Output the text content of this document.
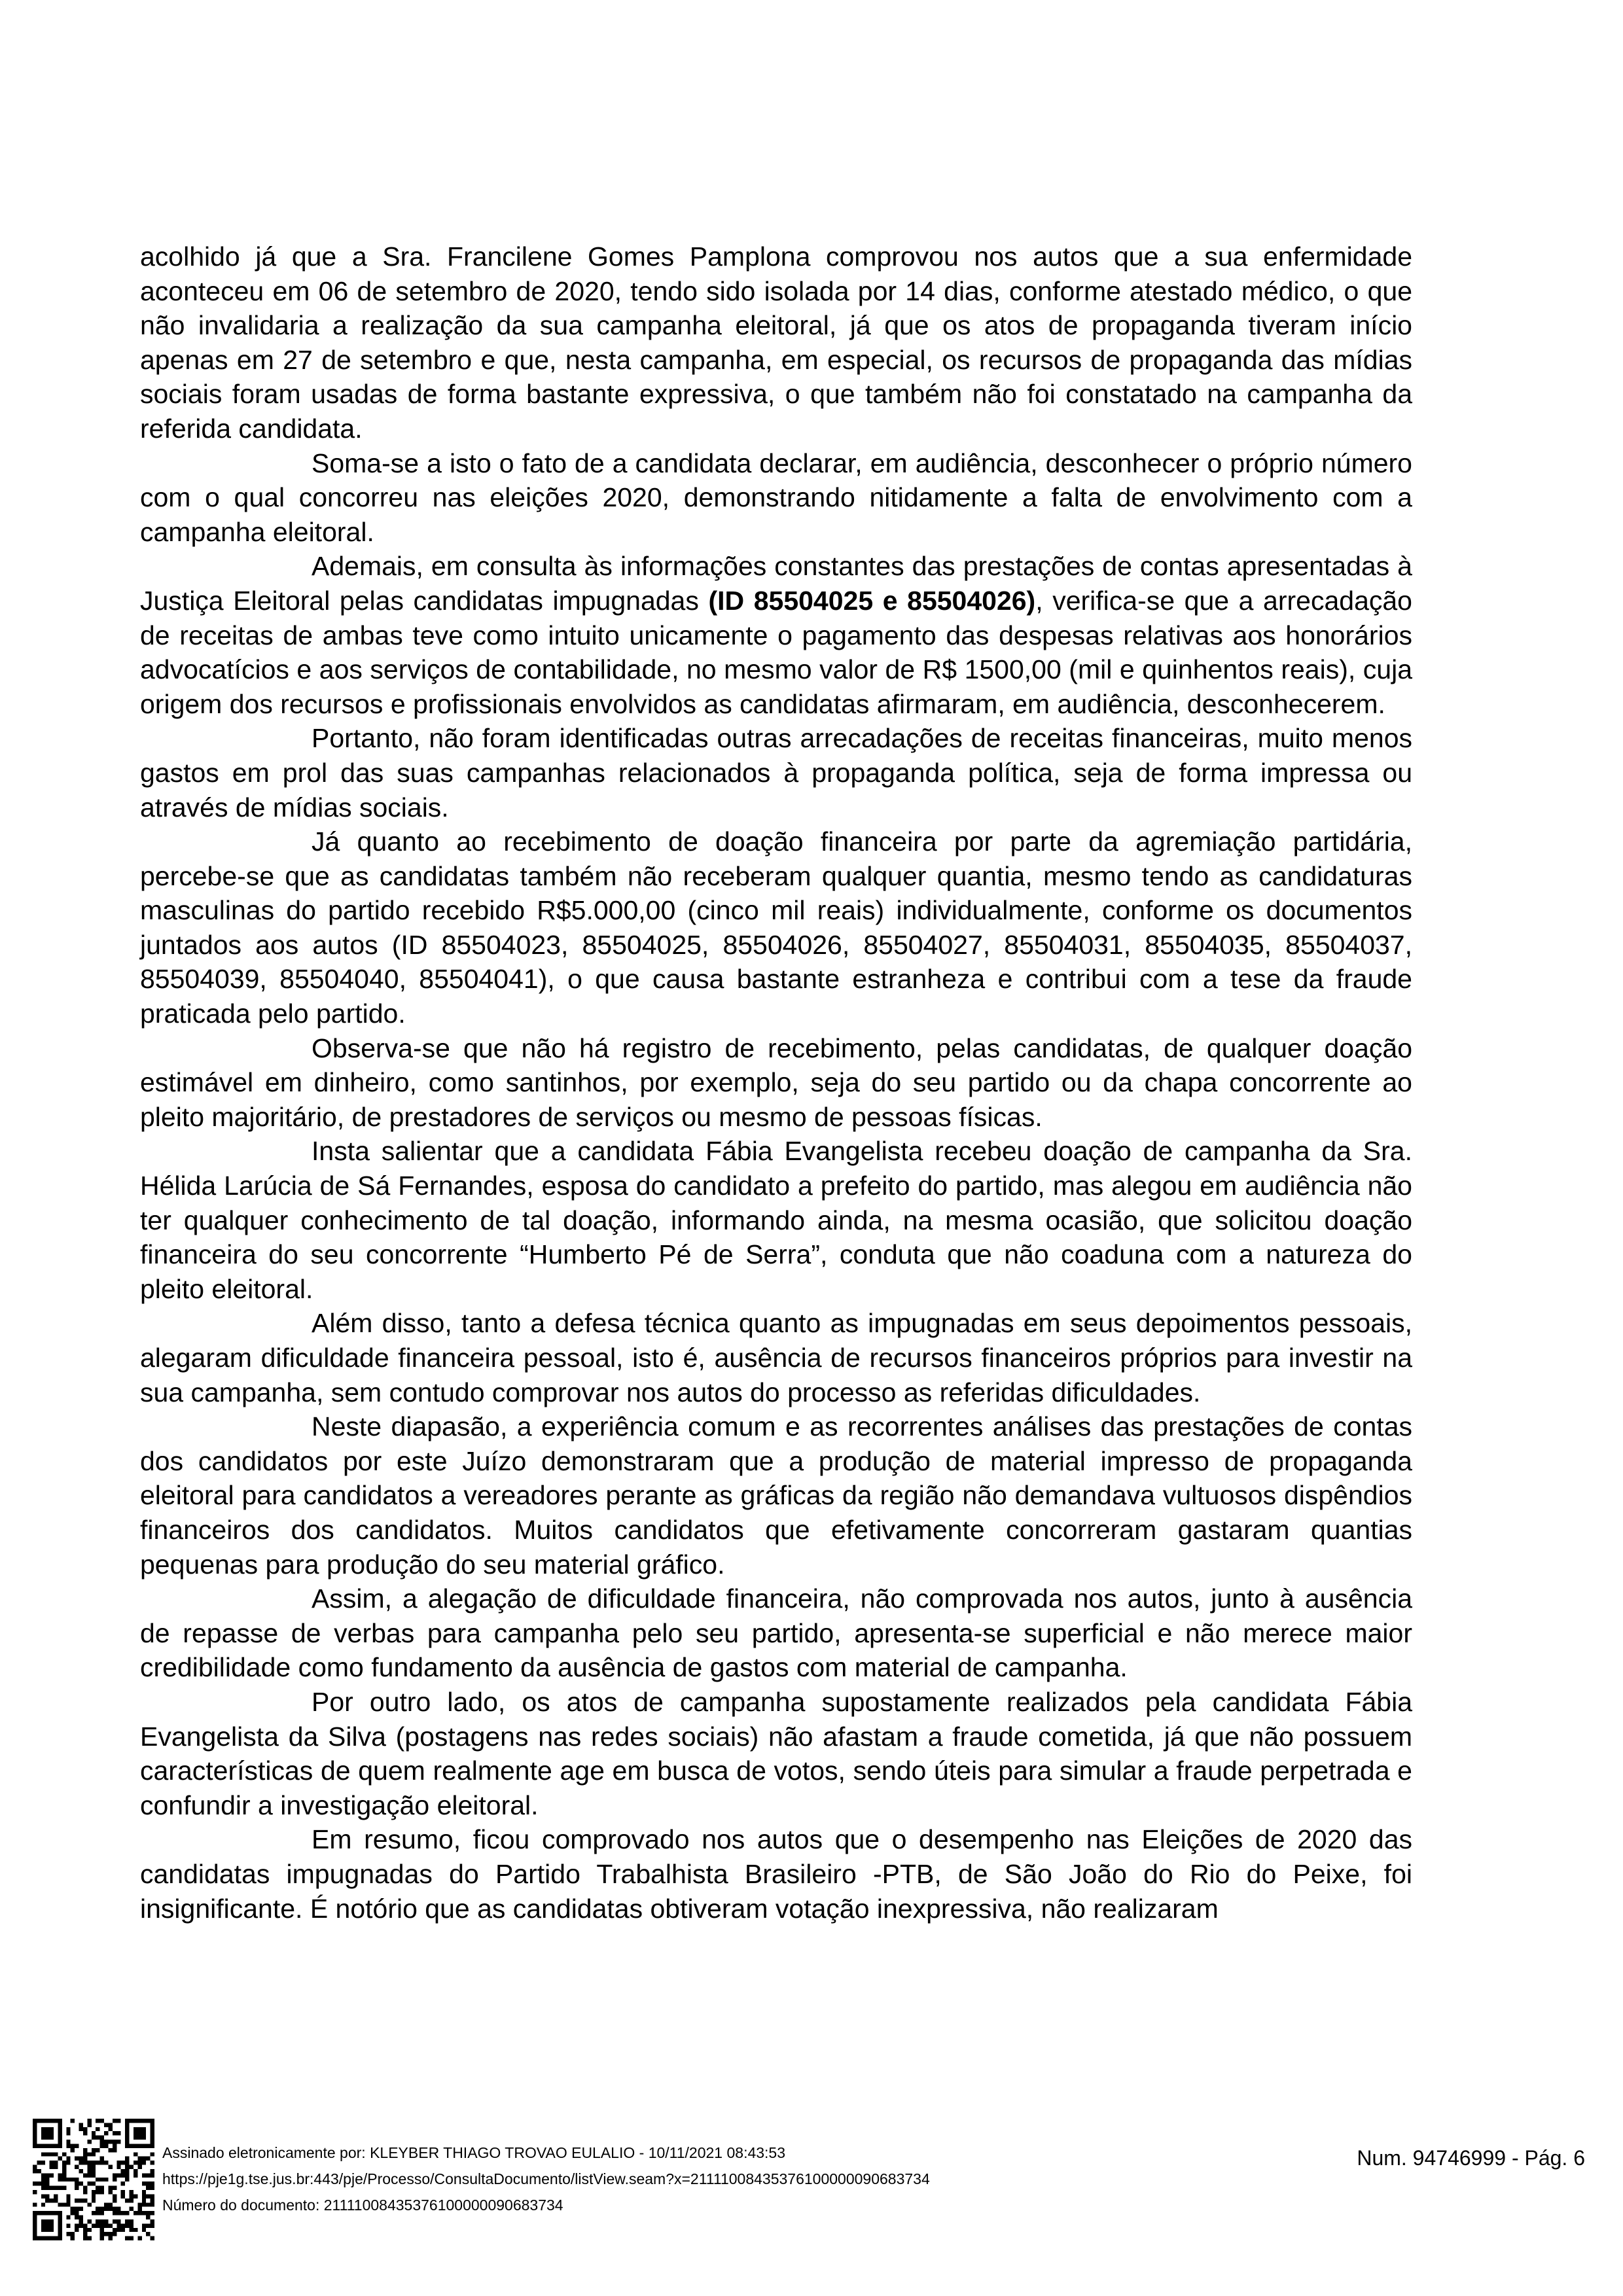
acolhido já que a Sra. Francilene Gomes Pamplona comprovou nos autos que a sua enfermidade aconteceu em 06 de setembro de 2020, tendo sido isolada por 14 dias, conforme atestado médico, o que não invalidaria a realização da sua campanha eleitoral, já que os atos de propaganda tiveram início apenas em 27 de setembro e que, nesta campanha, em especial, os recursos de propaganda das mídias sociais foram usadas de forma bastante expressiva, o que também não foi constatado na campanha da referida candidata.

Soma-se a isto o fato de a candidata declarar, em audiência, desconhecer o próprio número com o qual concorreu nas eleições 2020, demonstrando nitidamente a falta de envolvimento com a campanha eleitoral.

Ademais, em consulta às informações constantes das prestações de contas apresentadas à Justiça Eleitoral pelas candidatas impugnadas (ID 85504025 e 85504026), verifica-se que a arrecadação de receitas de ambas teve como intuito unicamente o pagamento das despesas relativas aos honorários advocatícios e aos serviços de contabilidade, no mesmo valor de R$ 1500,00 (mil e quinhentos reais), cuja origem dos recursos e profissionais envolvidos as candidatas afirmaram, em audiência, desconhecerem.

Portanto, não foram identificadas outras arrecadações de receitas financeiras, muito menos gastos em prol das suas campanhas relacionados à propaganda política, seja de forma impressa ou através de mídias sociais.

Já quanto ao recebimento de doação financeira por parte da agremiação partidária, percebe-se que as candidatas também não receberam qualquer quantia, mesmo tendo as candidaturas masculinas do partido recebido R$5.000,00 (cinco mil reais) individualmente, conforme os documentos juntados aos autos (ID 85504023, 85504025, 85504026, 85504027, 85504031, 85504035, 85504037, 85504039, 85504040, 85504041), o que causa bastante estranheza e contribui com a tese da fraude praticada pelo partido.

Observa-se que não há registro de recebimento, pelas candidatas, de qualquer doação estimável em dinheiro, como santinhos, por exemplo, seja do seu partido ou da chapa concorrente ao pleito majoritário, de prestadores de serviços ou mesmo de pessoas físicas.

Insta salientar que a candidata Fábia Evangelista recebeu doação de campanha da Sra. Hélida Larúcia de Sá Fernandes, esposa do candidato a prefeito do partido, mas alegou em audiência não ter qualquer conhecimento de tal doação, informando ainda, na mesma ocasião, que solicitou doação financeira do seu concorrente “Humberto Pé de Serra”, conduta que não coaduna com a natureza do pleito eleitoral.

Além disso, tanto a defesa técnica quanto as impugnadas em seus depoimentos pessoais, alegaram dificuldade financeira pessoal, isto é, ausência de recursos financeiros próprios para investir na sua campanha, sem contudo comprovar nos autos do processo as referidas dificuldades.

Neste diapasão, a experiência comum e as recorrentes análises das prestações de contas dos candidatos por este Juízo demonstraram que a produção de material impresso de propaganda eleitoral para candidatos a vereadores perante as gráficas da região não demandava vultuosos dispêndios financeiros dos candidatos. Muitos candidatos que efetivamente concorreram gastaram quantias pequenas para produção do seu material gráfico.

Assim, a alegação de dificuldade financeira, não comprovada nos autos, junto à ausência de repasse de verbas para campanha pelo seu partido, apresenta-se superficial e não merece maior credibilidade como fundamento da ausência de gastos com material de campanha.

Por outro lado, os atos de campanha supostamente realizados pela candidata Fábia Evangelista da Silva (postagens nas redes sociais) não afastam a fraude cometida, já que não possuem características de quem realmente age em busca de votos, sendo úteis para simular a fraude perpetrada e confundir a investigação eleitoral.

Em resumo, ficou comprovado nos autos que o desempenho nas Eleições de 2020 das candidatas impugnadas do Partido Trabalhista Brasileiro -PTB, de São João do Rio do Peixe, foi insignificante. É notório que as candidatas obtiveram votação inexpressiva, não realizaram

Assinado eletronicamente por: KLEYBER THIAGO TROVAO EULALIO - 10/11/2021 08:43:53
https://pje1g.tse.jus.br:443/pje/Processo/ConsultaDocumento/listView.seam?x=21111008435376100000090683734
Número do documento: 21111008435376100000090683734
Num. 94746999 - Pág. 6
